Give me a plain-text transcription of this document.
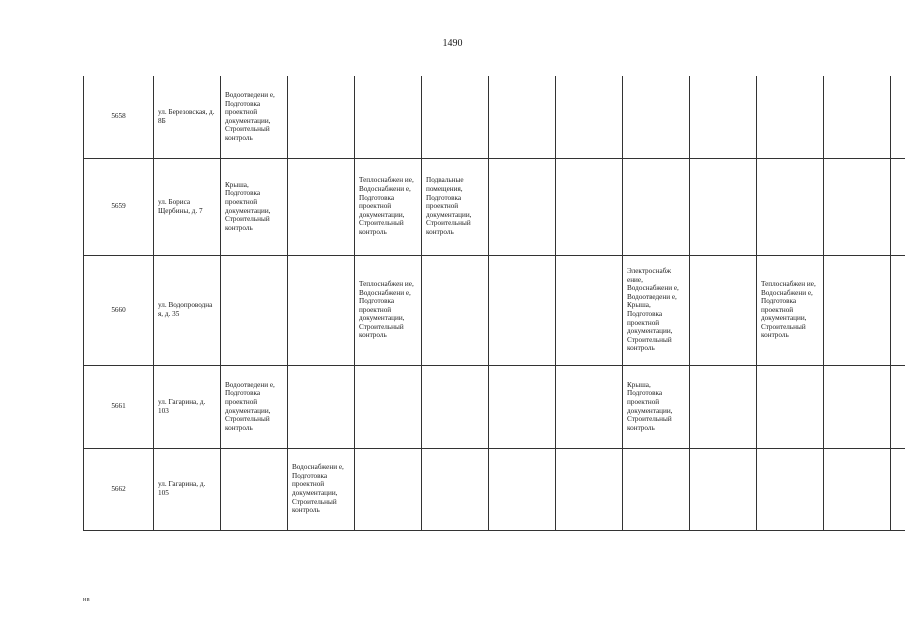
1490
5658	ул. Березовская, д. 8Б	Водоотведени е, Подготовка проектной документации, Строительный контроль										
5659	ул. Бориса Щербины, д. 7	Крыша, Подготовка проектной документации, Строительный контроль		Теплоснабжен ие, Водоснабжени е, Подготовка проектной документации, Строительный контроль	Подвальные помещения, Подготовка проектной документации, Строительный контроль							
5660	ул. Водопроводна я, д. 35			Теплоснабжен ие, Водоснабжени е, Подготовка проектной документации, Строительный контроль				Электроснабж ение, Водоснабжени е, Водоотведени е, Крыша, Подготовка проектной документации, Строительный контроль		Теплоснабжен ие, Водоснабжени е, Подготовка проектной документации, Строительный контроль		
5661	ул. Гагарина, д. 103	Водоотведени е, Подготовка проектной документации, Строительный контроль						Крыша, Подготовка проектной документации, Строительный контроль				
5662	ул. Гагарина, д. 105		Водоснабжени е, Подготовка проектной документации, Строительный контроль									
нв
